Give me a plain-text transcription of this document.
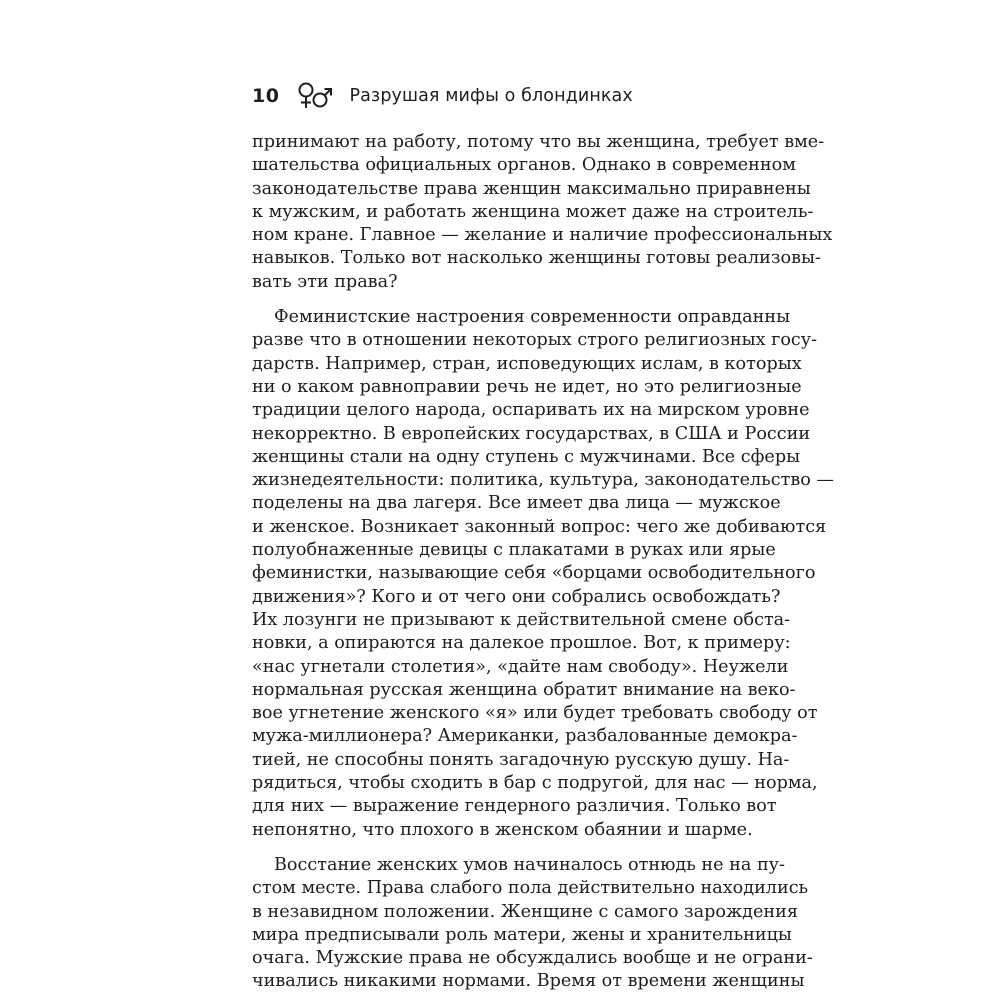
10	Разрушая мифы о блондинках

принимают на работу, потому что вы женщина, требует вме-
шательства официальных органов. Однако в современном
законодательстве права женщин максимально приравнены
к мужским, и работать женщина может даже на строитель-
ном кране. Главное — желание и наличие профессиональных
навыков. Только вот насколько женщины готовы реализовы-
вать эти права?

Феминистские настроения современности оправданны
разве что в отношении некоторых строго религиозных госу-
дарств. Например, стран, исповедующих ислам, в которых
ни о каком равноправии речь не идет, но это религиозные
традиции целого народа, оспаривать их на мирском уровне
некорректно. В европейских государствах, в США и России
женщины стали на одну ступень с мужчинами. Все сферы
жизнедеятельности: политика, культура, законодательство —
поделены на два лагеря. Все имеет два лица — мужское
и женское. Возникает законный вопрос: чего же добиваются
полуобнаженные девицы с плакатами в руках или ярые
феминистки, называющие себя «борцами освободительного
движения»? Кого и от чего они собрались освобождать?
Их лозунги не призывают к действительной смене обста-
новки, а опираются на далекое прошлое. Вот, к примеру:
«нас угнетали столетия», «дайте нам свободу». Неужели
нормальная русская женщина обратит внимание на веко-
вое угнетение женского «я» или будет требовать свободу от
мужа-миллионера? Американки, разбалованные демокра-
тией, не способны понять загадочную русскую душу. На-
рядиться, чтобы сходить в бар с подругой, для нас — норма,
для них — выражение гендерного различия. Только вот
непонятно, что плохого в женском обаянии и шарме.

Восстание женских умов начиналось отнюдь не на пу-
стом месте. Права слабого пола действительно находились
в незавидном положении. Женщине с самого зарождения
мира предписывали роль матери, жены и хранительницы
очага. Мужские права не обсуждались вообще и не ограни-
чивались никакими нормами. Время от времени женщины
